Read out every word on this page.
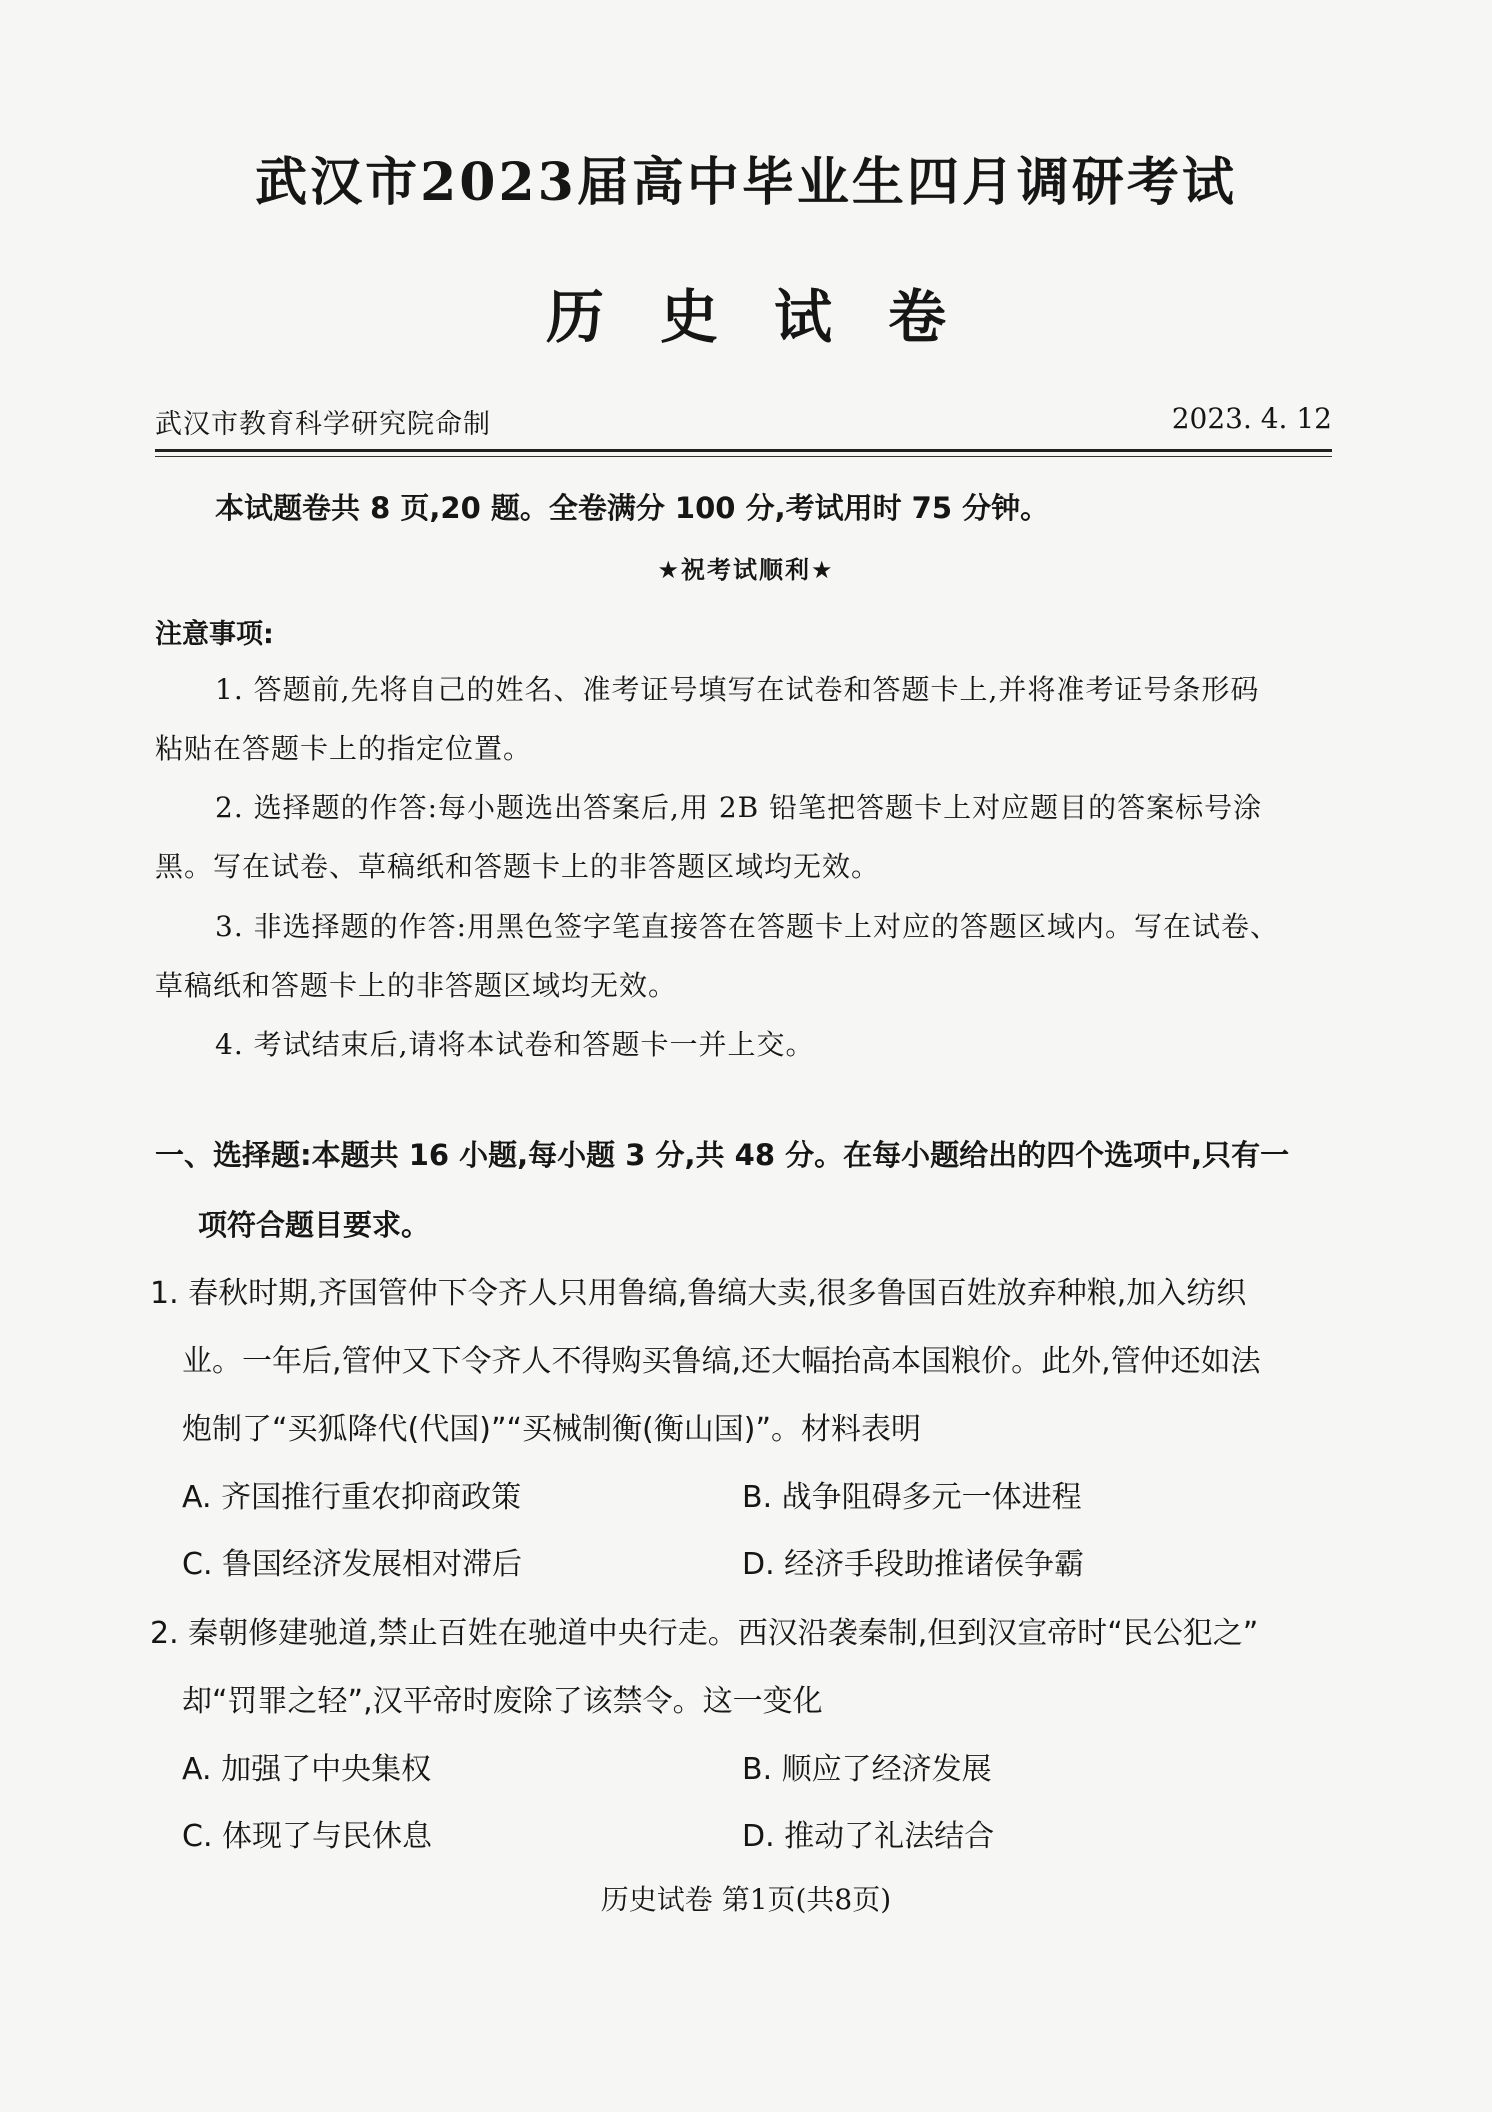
武汉市2023届高中毕业生四月调研考试
历史试卷
武汉市教育科学研究院命制	2023. 4. 12
本试题卷共 8 页,20 题。全卷满分 100 分,考试用时 75 分钟。
★祝考试顺利★
注意事项:
1. 答题前,先将自己的姓名、准考证号填写在试卷和答题卡上,并将准考证号条形码
粘贴在答题卡上的指定位置。
2. 选择题的作答:每小题选出答案后,用 2B 铅笔把答题卡上对应题目的答案标号涂
黑。写在试卷、草稿纸和答题卡上的非答题区域均无效。
3. 非选择题的作答:用黑色签字笔直接答在答题卡上对应的答题区域内。写在试卷、
草稿纸和答题卡上的非答题区域均无效。
4. 考试结束后,请将本试卷和答题卡一并上交。
一、选择题:本题共 16 小题,每小题 3 分,共 48 分。在每小题给出的四个选项中,只有一
项符合题目要求。
1. 春秋时期,齐国管仲下令齐人只用鲁缟,鲁缟大卖,很多鲁国百姓放弃种粮,加入纺织
业。一年后,管仲又下令齐人不得购买鲁缟,还大幅抬高本国粮价。此外,管仲还如法
炮制了“买狐降代(代国)”“买械制衡(衡山国)”。材料表明
A. 齐国推行重农抑商政策	B. 战争阻碍多元一体进程
C. 鲁国经济发展相对滞后	D. 经济手段助推诸侯争霸
2. 秦朝修建驰道,禁止百姓在驰道中央行走。西汉沿袭秦制,但到汉宣帝时“民公犯之”
却“罚罪之轻”,汉平帝时废除了该禁令。这一变化
A. 加强了中央集权	B. 顺应了经济发展
C. 体现了与民休息	D. 推动了礼法结合
历史试卷 第1页(共8页)
